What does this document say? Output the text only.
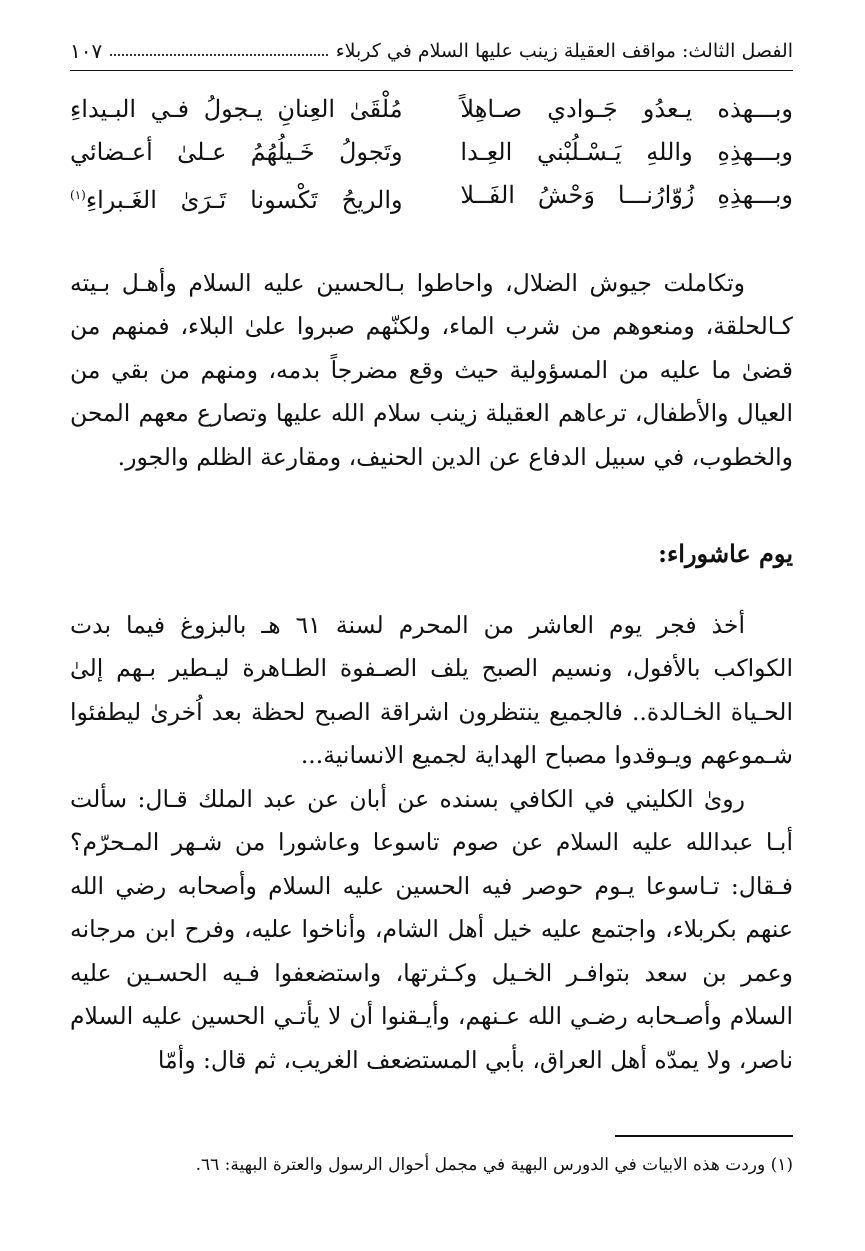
الفصل الثالث: مواقف العقيلة زينب عليها السلام في كربلاء
١٠٧
وبـــهذه يـعدُو جَـوادي صـاهِلاً
مُلْقَىٰ العِنانِ يـجولُ فـي البـيداءِ
وبـــهذِهِ واللهِ يَـسْـلُبْني العِـدا
وتَجولُ خَـيلُهُمُ عـلىٰ أعـضائي
وبـــهذِهِ زُوّارُنـــا وَحْشُ الفَــلا
والريحُ تَكْسونا تَـرَىٰ الغَـبراءِ$^{(١)}$

وتكاملت جيوش الضلال، واحاطوا بـالحسين عليه السلام وأهـل بـيته كـالحلقة، ومنعوهم من شرب الماء، ولكنّهم صبروا علىٰ البلاء، فمنهم من قضىٰ ما عليه من المسؤولية حيث وقع مضرجاً بدمه، ومنهم من بقي من العيال والأطفال، ترعاهم العقيلة زينب سلام الله عليها وتصارع معهم المحن والخطوب، في سبيل الدفاع عن الدين الحنيف، ومقارعة الظلم والجور.

يوم عاشوراء:

أخذ فجر يوم العاشر من المحرم لسنة ٦١ هـ بالبزوغ فيما بدت الكواكب بالأفول، ونسيم الصبح يلف الصـفوة الطـاهرة ليـطير بـهم إلىٰ الحـياة الخـالدة.. فالجميع ينتظرون اشراقة الصبح لحظة بعد اُخرىٰ ليطفئوا شـموعهم ويـوقدوا مصباح الهداية لجميع الانسانية...

روىٰ الكليني في الكافي بسنده عن أبان عن عبد الملك قـال: سألت أبـا عبدالله عليه السلام عن صوم تاسوعا وعاشورا من شـهر المـحرّم؟ فـقال: تـاسوعا يـوم حوصر فيه الحسين عليه السلام وأصحابه رضي الله عنهم بكربلاء، واجتمع عليه خيل أهل الشام، وأناخوا عليه، وفرح ابن مرجانه وعمر بن سعد بتوافـر الخـيل وكـثرتها، واستضعفوا فـيه الحسـين عليه السلام وأصـحابه رضـي الله عـنهم، وأيـقنوا أن لا يأتـي الحسين عليه السلام ناصر، ولا يمدّه أهل العراق، بأبي المستضعف الغريب، ثم قال: وأمّا

(١) وردت هذه الابيات في الدورس البهية في مجمل أحوال الرسول والعترة البهية: ٦٦.
